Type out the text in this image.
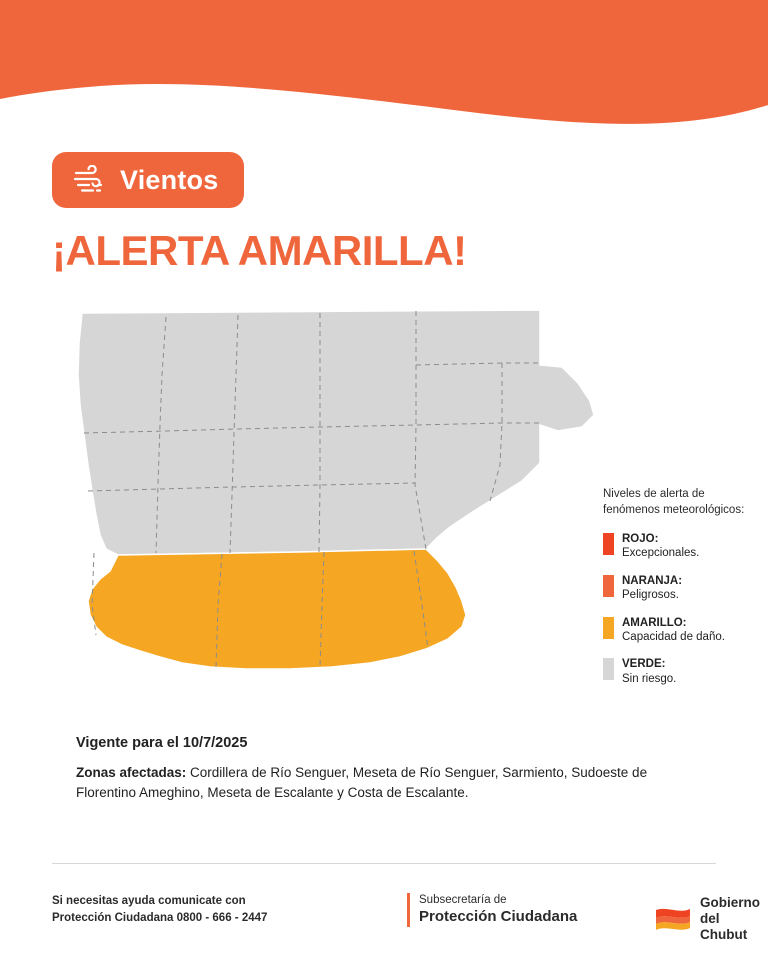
Vientos
¡ALERTA AMARILLA!
Niveles de alerta de fenómenos meteorológicos:
ROJO:
Excepcionales.
NARANJA:
Peligrosos.
AMARILLO:
Capacidad de daño.
VERDE:
Sin riesgo.
Vigente para el 10/7/2025
Zonas afectadas: Cordillera de Río Senguer, Meseta de Río Senguer, Sarmiento, Sudoeste de Florentino Ameghino, Meseta de Escalante y Costa de Escalante.
Si necesitas ayuda comunicate con
Protección Ciudadana 0800 - 666 - 2447
Subsecretaría de
Protección Ciudadana
Gobierno
del Chubut
